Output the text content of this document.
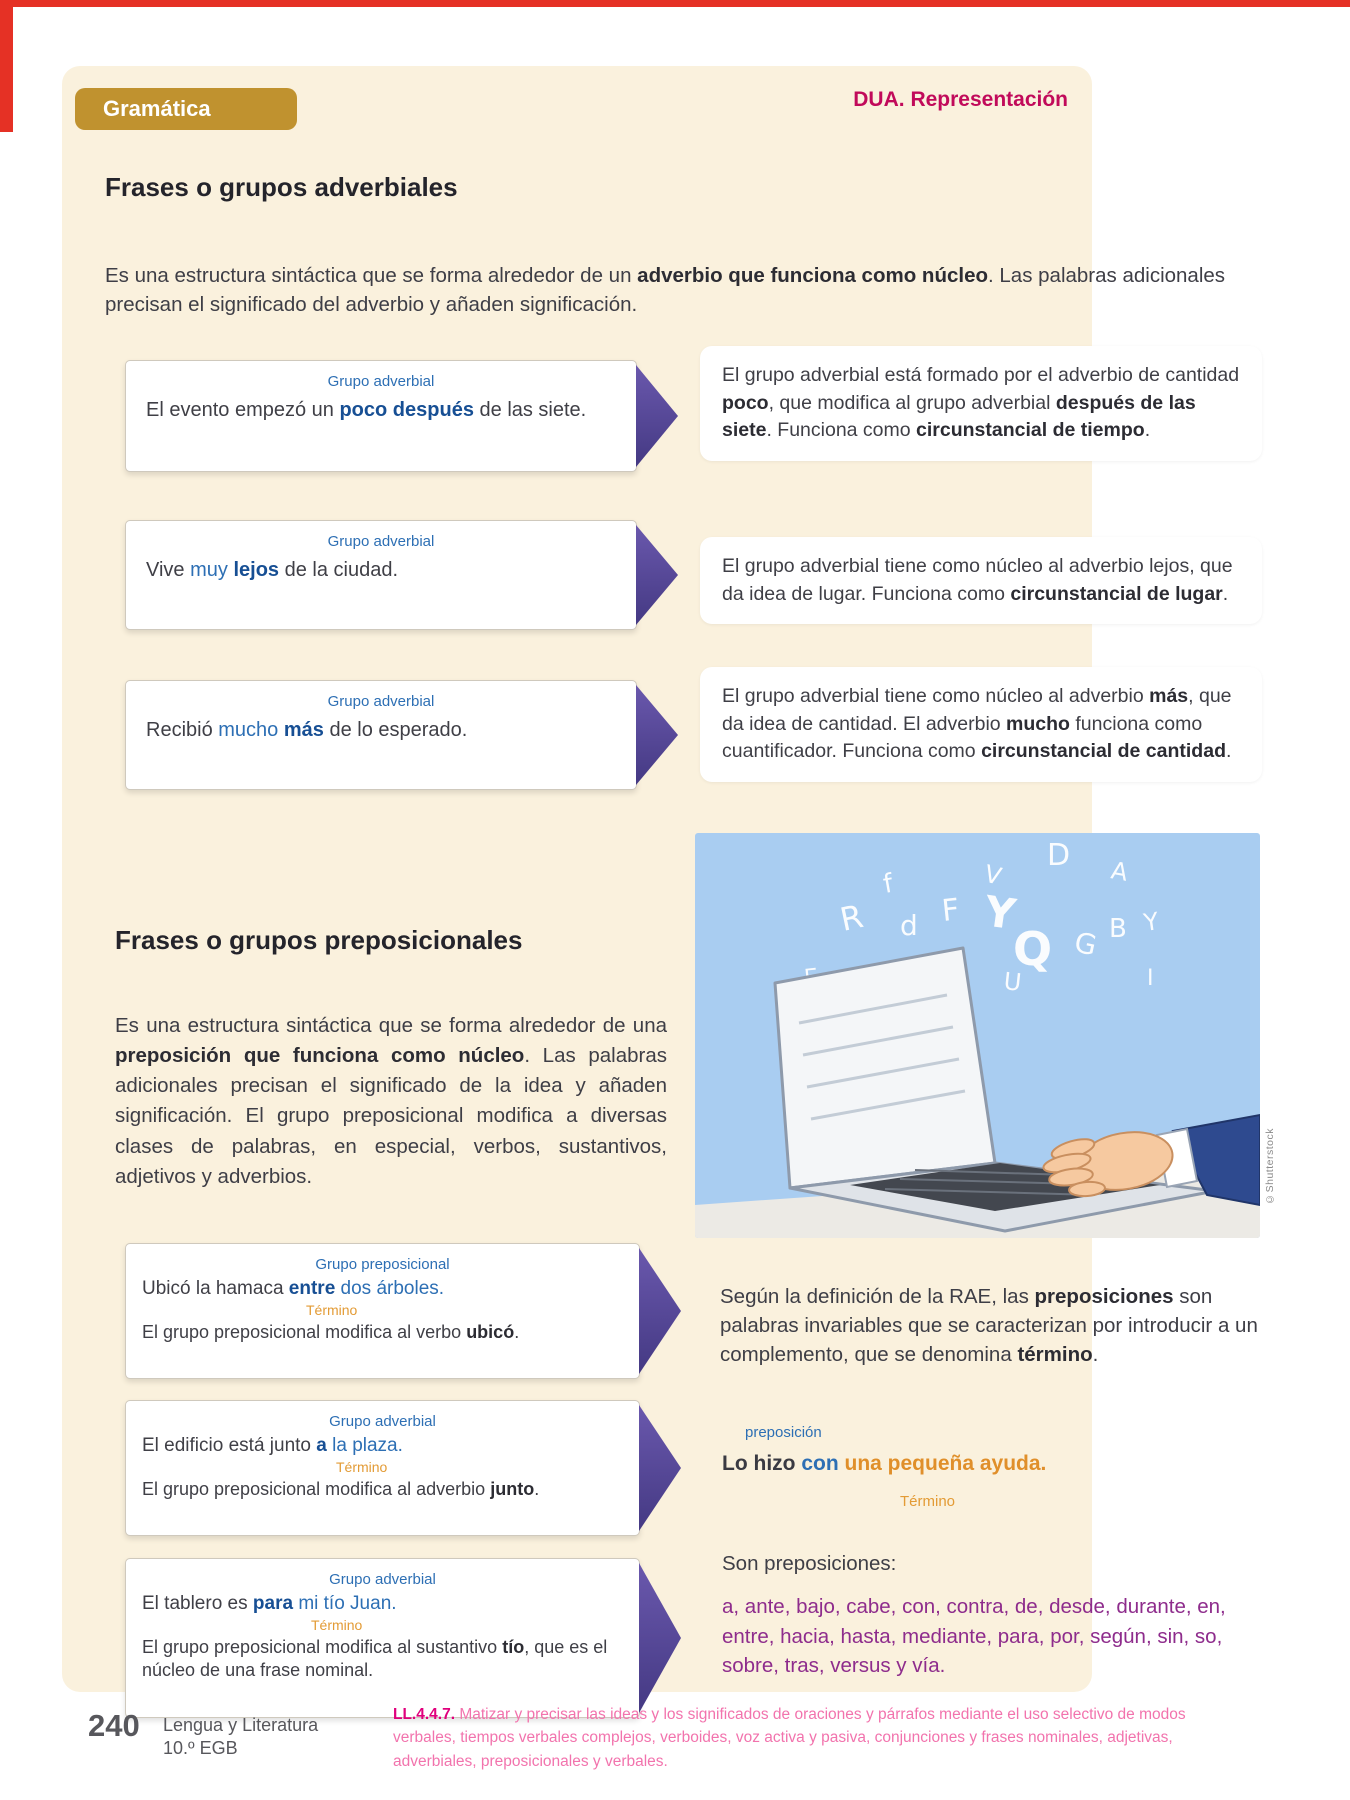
Gramática	DUA. Representación
Frases o grupos adverbiales

Es una estructura sintáctica que se forma alrededor de un adverbio que funciona como núcleo. Las palabras adicionales precisan el significado del adverbio y añaden significación.

Grupo adverbial
El evento empezó un poco después de las siete.
El grupo adverbial está formado por el adverbio de cantidad poco, que modifica al grupo adverbial después de las siete. Funciona como circunstancial de tiempo.
Grupo adverbial
Vive muy lejos de la ciudad.	El grupo adverbial tiene como núcleo al adverbio lejos, que da idea de lugar. Funciona como circunstancial de lugar.
Grupo adverbial
Recibió mucho más de lo esperado.
El grupo adverbial tiene como núcleo al adverbio más, que da idea de cantidad. El adverbio mucho funciona como cuantificador. Funciona como circunstancial de cantidad.
f	V
D A
R d F Y
Q G B Y
U	I
©Shutterstock
Frases o grupos preposicionales

Es una estructura sintáctica que se forma alrededor de una preposición que funciona como núcleo. Las palabras adicionales precisan el significado de la idea y añaden significación. El grupo preposicional modifica a diversas clases de palabras, en especial, verbos, sustantivos, adjetivos y adverbios.

Grupo preposicional
Ubicó la hamaca entre dos árboles.
Término
El grupo preposicional modifica al verbo ubicó.
Grupo adverbial
El edificio está junto a la plaza.
Término
El grupo preposicional modifica al adverbio junto.
Grupo adverbial
El tablero es para mi tío Juan.
Término
El grupo preposicional modifica al sustantivo tío, que es el núcleo de una frase nominal.
Según la definición de la RAE, las preposiciones son palabras invariables que se caracterizan por introducir a un complemento, que se denomina término.
preposición
Lo hizo con una pequeña ayuda.
Término
Son preposiciones:
a, ante, bajo, cabe, con, contra, de, desde, durante, en, entre, hacia, hasta, mediante, para, por, según, sin, so, sobre, tras, versus y vía.
240 Lengua y Literatura
10.º EGB
LL.4.4.7. Matizar y precisar las ideas y los significados de oraciones y párrafos mediante el uso selectivo de modos verbales, tiempos verbales complejos, verboides, voz activa y pasiva, conjunciones y frases nominales, adjetivas, adverbiales, preposicionales y verbales.
